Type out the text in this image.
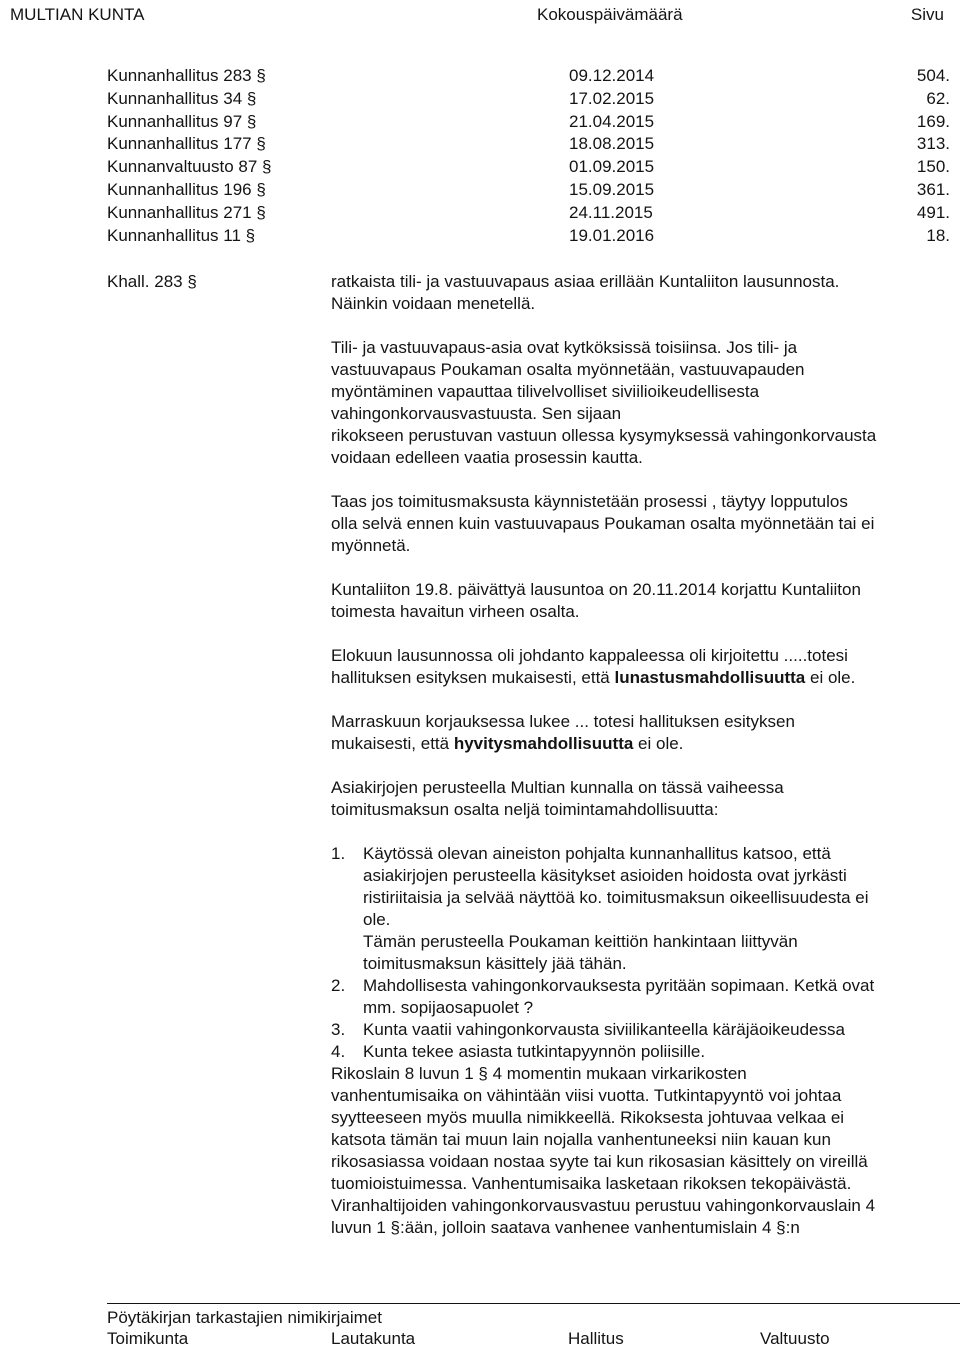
MULTIAN KUNTA	Kokouspäivämäärä	Sivu
Kunnanhallitus 283 §	09.12.2014	504.
Kunnanhallitus 34 §	17.02.2015	62.
Kunnanhallitus 97 §	21.04.2015	169.
Kunnanhallitus 177 §	18.08.2015	313.
Kunnanvaltuusto 87 §	01.09.2015	150.
Kunnanhallitus 196 §	15.09.2015	361.
Kunnanhallitus 271 §	24.11.2015	491.
Kunnanhallitus 11 §	19.01.2016	18.
Khall. 283 §	ratkaista tili- ja vastuuvapaus asiaa erillään Kuntaliiton lausunnosta.
Näinkin voidaan menetellä.

Tili- ja vastuuvapaus-asia ovat kytköksissä toisiinsa. Jos tili- ja
vastuuvapaus Poukaman osalta myönnetään, vastuuvapauden
myöntäminen vapauttaa tilivelvolliset siviilioikeudellisesta
vahingonkorvausvastuusta. Sen sijaan
rikokseen perustuvan vastuun ollessa kysymyksessä vahingonkorvausta
voidaan edelleen vaatia prosessin kautta.

Taas jos toimitusmaksusta käynnistetään prosessi , täytyy lopputulos
olla selvä ennen kuin vastuuvapaus Poukaman osalta myönnetään tai ei
myönnetä.

Kuntaliiton 19.8. päivättyä lausuntoa on 20.11.2014 korjattu Kuntaliiton
toimesta havaitun virheen osalta.

Elokuun lausunnossa oli johdanto kappaleessa oli kirjoitettu .....totesi
hallituksen esityksen mukaisesti, että lunastusmahdollisuutta ei ole.

Marraskuun korjauksessa lukee ... totesi hallituksen esityksen
mukaisesti, että hyvitysmahdollisuutta ei ole.

Asiakirjojen perusteella Multian kunnalla on tässä vaiheessa
toimitusmaksun osalta neljä toimintamahdollisuutta:

1. Käytössä olevan aineiston pohjalta kunnanhallitus katsoo, että
asiakirjojen perusteella käsitykset asioiden hoidosta ovat jyrkästi
ristiriitaisia ja selvää näyttöä ko. toimitusmaksun oikeellisuudesta ei
ole.
Tämän perusteella Poukaman keittiön hankintaan liittyvän
toimitusmaksun käsittely jää tähän.
2. Mahdollisesta vahingonkorvauksesta pyritään sopimaan. Ketkä ovat
mm. sopijaosapuolet ?
3. Kunta vaatii vahingonkorvausta siviilikanteella käräjäoikeudessa
4. Kunta tekee asiasta tutkintapyynnön poliisille.

Rikoslain 8 luvun 1 § 4 momentin mukaan virkarikosten
vanhentumisaika on vähintään viisi vuotta. Tutkintapyyntö voi johtaa
syytteeseen myös muulla nimikkeellä. Rikoksesta johtuvaa velkaa ei
katsota tämän tai muun lain nojalla vanhentuneeksi niin kauan kun
rikosasiassa voidaan nostaa syyte tai kun rikosasian käsittely on vireillä
tuomioistuimessa. Vanhentumisaika lasketaan rikoksen tekopäivästä.
Viranhaltijoiden vahingonkorvausvastuu perustuu vahingonkorvauslain 4
luvun 1 §:ään, jolloin saatava vanhenee vanhentumislain 4 §:n

Pöytäkirjan tarkastajien nimikirjaimet
Toimikunta	Lautakunta	Hallitus	Valtuusto
